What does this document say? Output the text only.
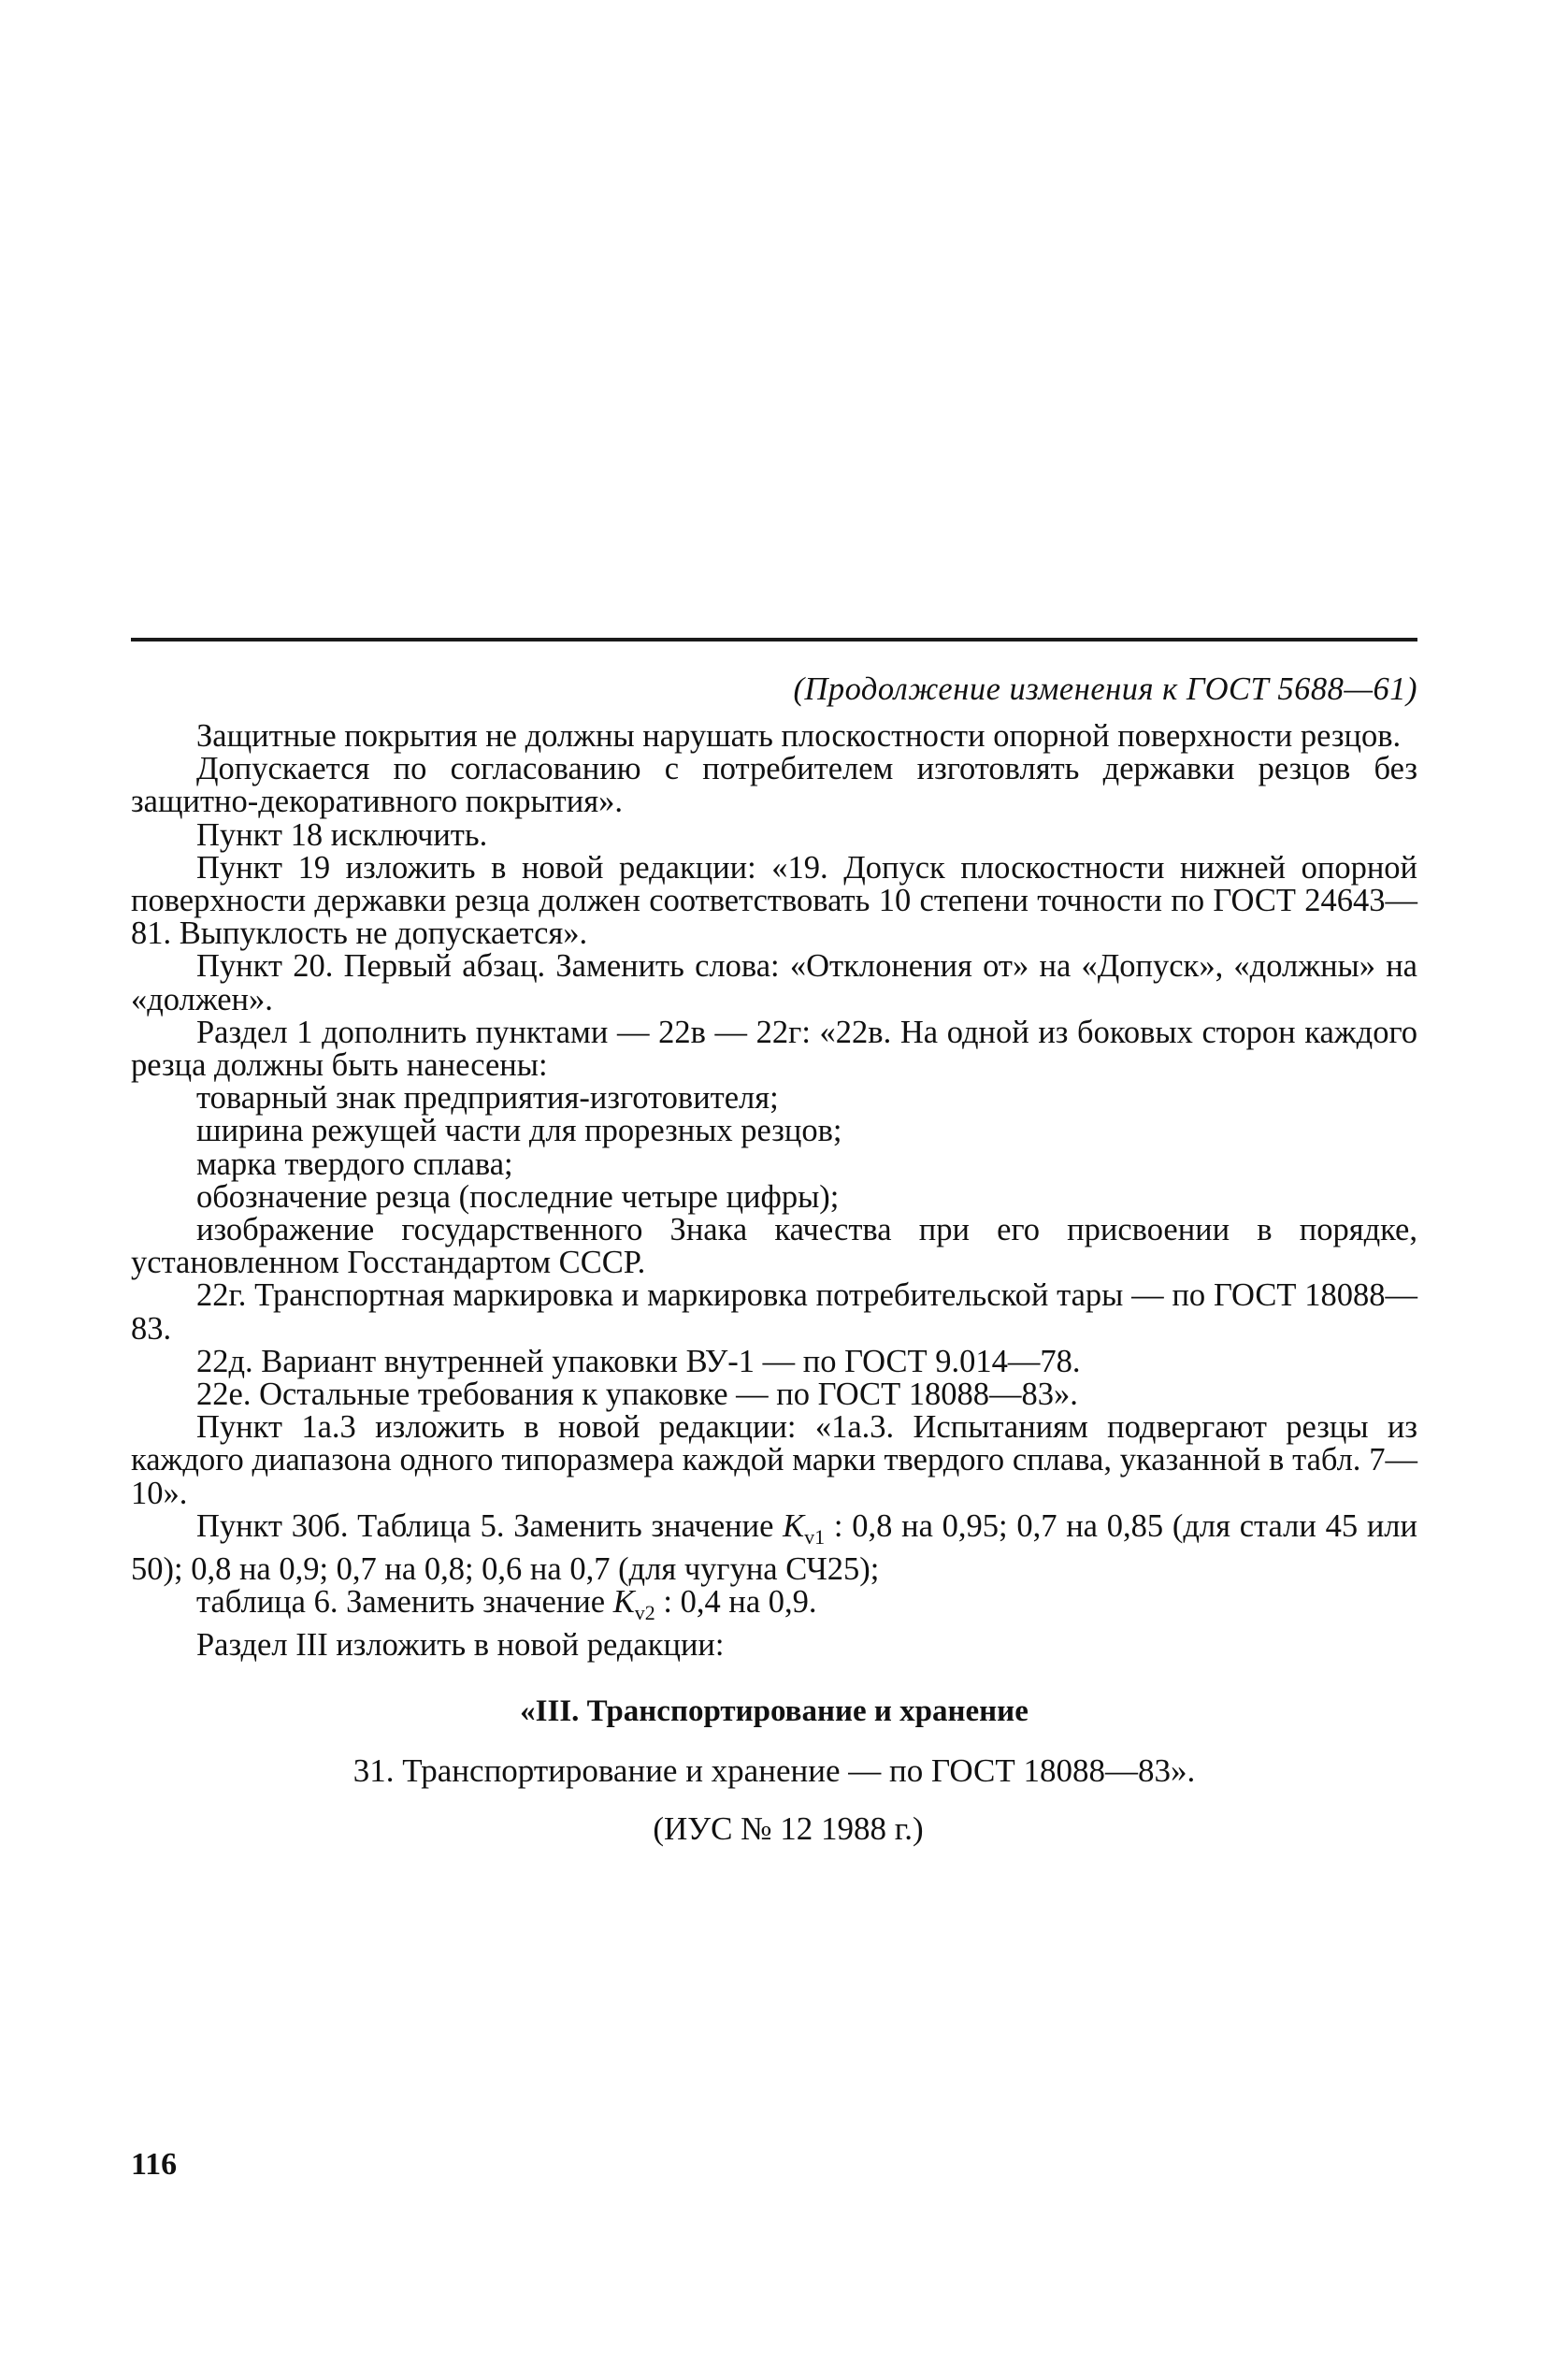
(Продолжение изменения к ГОСТ 5688—61)

Защитные покрытия не должны нарушать плоскостности опорной поверхности резцов.

Допускается по согласованию с потребителем изготовлять державки резцов без защитно-декоративного покрытия».

Пункт 18 исключить.

Пункт 19 изложить в новой редакции: «19. Допуск плоскостности нижней опорной поверхности державки резца должен соответствовать 10 степени точности по ГОСТ 24643—81. Выпуклость не допускается».

Пункт 20. Первый абзац. Заменить слова: «Отклонения от» на «Допуск», «должны» на «должен».

Раздел 1 дополнить пунктами — 22в — 22г: «22в. На одной из боковых сторон каждого резца должны быть нанесены:

товарный знак предприятия-изготовителя;

ширина режущей части для прорезных резцов;

марка твердого сплава;

обозначение резца (последние четыре цифры);

изображение государственного Знака качества при его присвоении в порядке, установленном Госстандартом СССР.

22г. Транспортная маркировка и маркировка потребительской тары — по ГОСТ 18088—83.

22д. Вариант внутренней упаковки ВУ-1 — по ГОСТ 9.014—78.

22е. Остальные требования к упаковке — по ГОСТ 18088—83».

Пункт 1а.3 изложить в новой редакции: «1а.3. Испытаниям подвергают резцы из каждого диапазона одного типоразмера каждой марки твердого сплава, указанной в табл. 7—10».

Пункт 30б. Таблица 5. Заменить значение $K_{v1}$ : 0,8 на 0,95; 0,7 на 0,85 (для стали 45 или 50); 0,8 на 0,9; 0,7 на 0,8; 0,6 на 0,7 (для чугуна СЧ25);

таблица 6. Заменить значение $K_{v2}$ : 0,4 на 0,9.

Раздел III изложить в новой редакции:

«III. Транспортирование и хранение
31. Транспортирование и хранение — по ГОСТ 18088—83».
(ИУС № 12 1988 г.)
116
